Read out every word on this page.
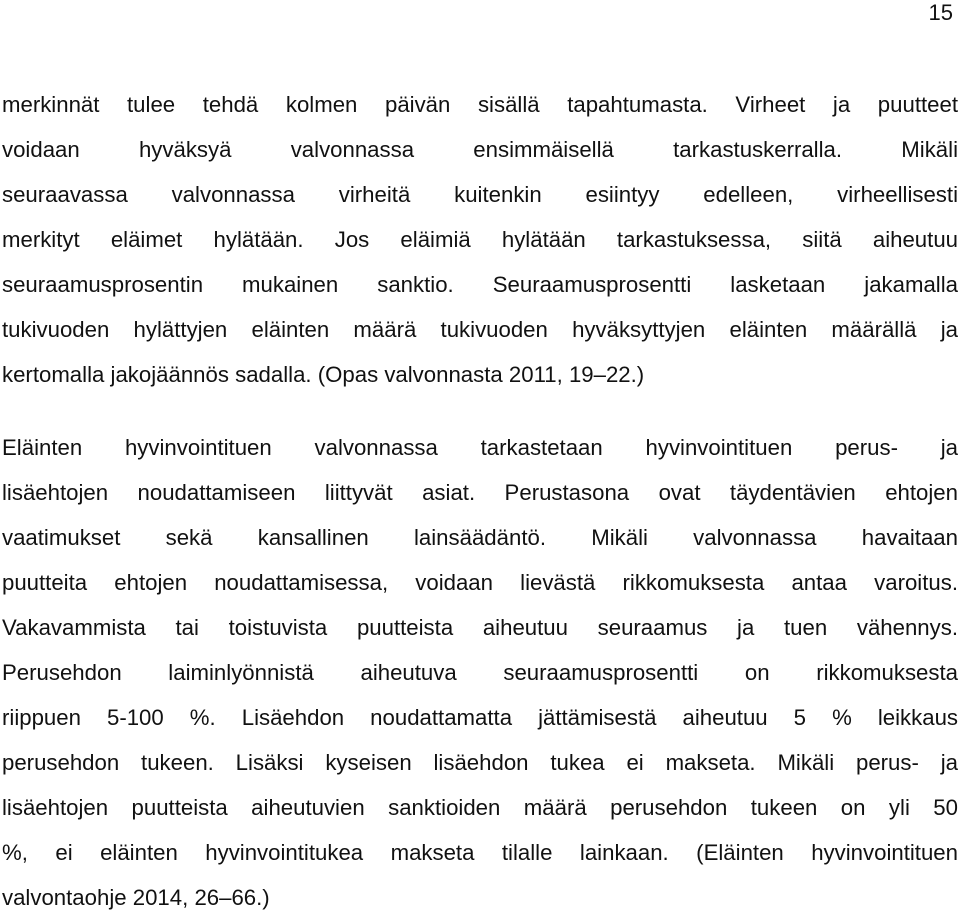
15
merkinnät tulee tehdä kolmen päivän sisällä tapahtumasta. Virheet ja puutteet
voidaan hyväksyä valvonnassa ensimmäisellä tarkastuskerralla. Mikäli
seuraavassa valvonnassa virheitä kuitenkin esiintyy edelleen, virheellisesti
merkityt eläimet hylätään. Jos eläimiä hylätään tarkastuksessa, siitä aiheutuu
seuraamusprosentin mukainen sanktio. Seuraamusprosentti lasketaan jakamalla
tukivuoden hylättyjen eläinten määrä tukivuoden hyväksyttyjen eläinten määrällä ja
kertomalla jakojäännös sadalla. (Opas valvonnasta 2011, 19–22.)
Eläinten hyvinvointituen valvonnassa tarkastetaan hyvinvointituen perus- ja
lisäehtojen noudattamiseen liittyvät asiat. Perustasona ovat täydentävien ehtojen
vaatimukset sekä kansallinen lainsäädäntö. Mikäli valvonnassa havaitaan
puutteita ehtojen noudattamisessa, voidaan lievästä rikkomuksesta antaa varoitus.
Vakavammista tai toistuvista puutteista aiheutuu seuraamus ja tuen vähennys.
Perusehdon laiminlyönnistä aiheutuva seuraamusprosentti on rikkomuksesta
riippuen 5-100 %. Lisäehdon noudattamatta jättämisestä aiheutuu 5 % leikkaus
perusehdon tukeen. Lisäksi kyseisen lisäehdon tukea ei makseta. Mikäli perus- ja
lisäehtojen puutteista aiheutuvien sanktioiden määrä perusehdon tukeen on yli 50
%, ei eläinten hyvinvointitukea makseta tilalle lainkaan. (Eläinten hyvinvointituen
valvontaohje 2014, 26–66.)
